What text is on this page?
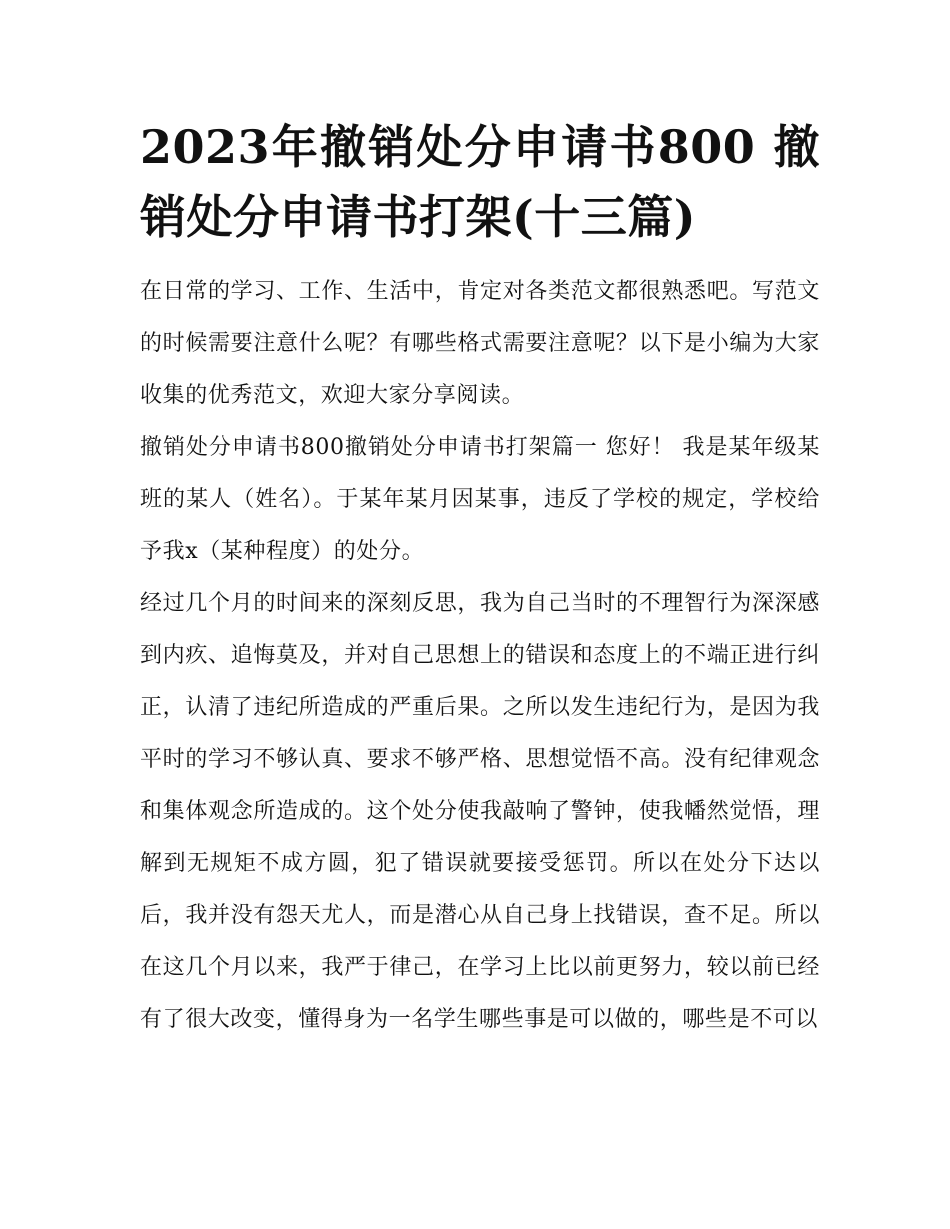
2023年撤销处分申请书800 撤销处分申请书打架(十三篇)

在日常的学习、工作、生活中，肯定对各类范文都很熟悉吧。写范文的时候需要注意什么呢？有哪些格式需要注意呢？以下是小编为大家收集的优秀范文，欢迎大家分享阅读。

撤销处分申请书800撤销处分申请书打架篇一 您好！ 我是某年级某班的某人（姓名）。于某年某月因某事，违反了学校的规定，学校给予我x（某种程度）的处分。

经过几个月的时间来的深刻反思，我为自己当时的不理智行为深深感到内疚、追悔莫及，并对自己思想上的错误和态度上的不端正进行纠正，认清了违纪所造成的严重后果。之所以发生违纪行为，是因为我平时的学习不够认真、要求不够严格、思想觉悟不高。没有纪律观念和集体观念所造成的。这个处分使我敲响了警钟，使我幡然觉悟，理解到无规矩不成方圆，犯了错误就要接受惩罚。所以在处分下达以后，我并没有怨天尤人，而是潜心从自己身上找错误，查不足。所以在这几个月以来，我严于律己，在学习上比以前更努力，较以前已经有了很大改变，懂得身为一名学生哪些事是可以做的，哪些是不可以
